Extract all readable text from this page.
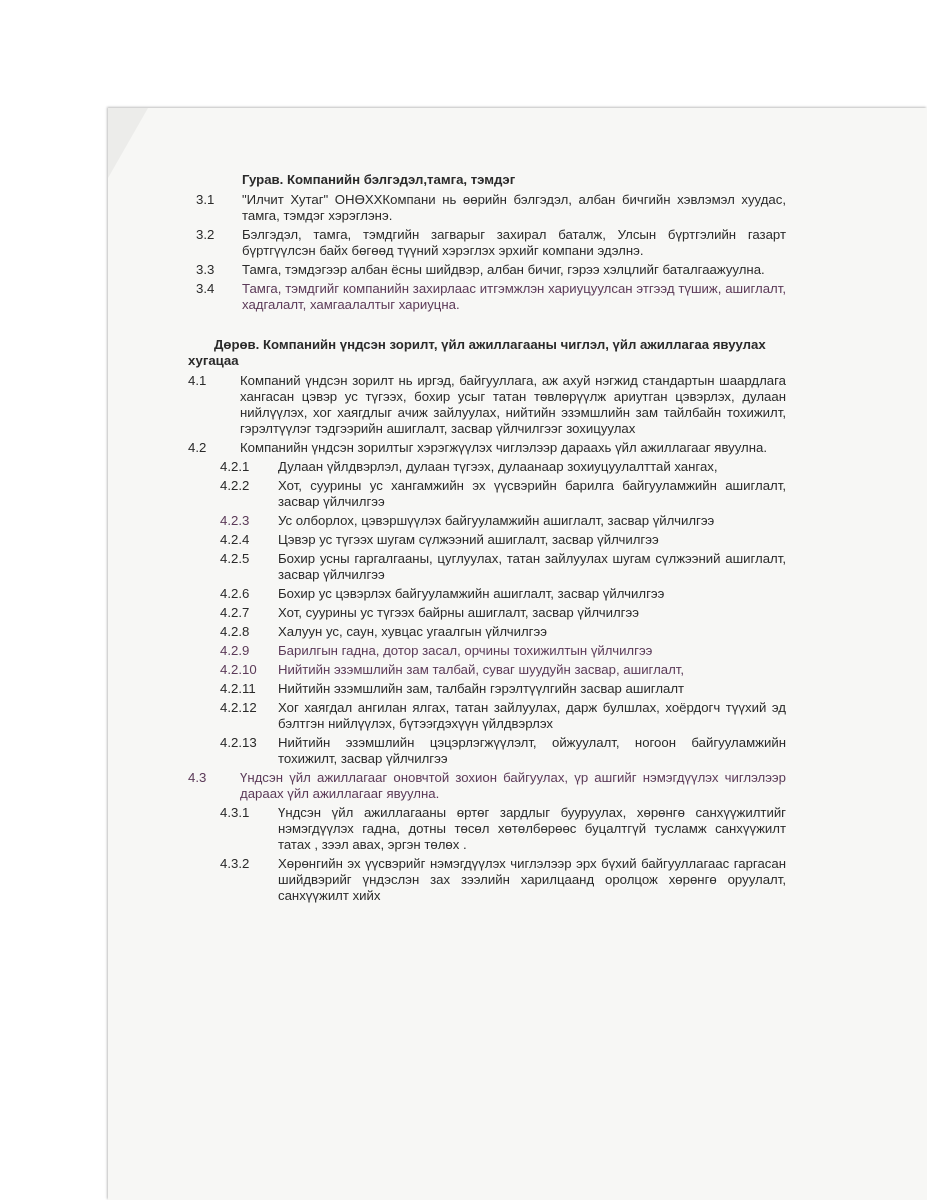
Гурав. Компанийн бэлгэдэл,тамга, тэмдэг

3.1	"Илчит Хутаг" ОНӨХХКомпани нь өөрийн бэлгэдэл, албан бичгийн хэвлэмэл хуудас, тамга, тэмдэг хэрэглэнэ.
3.2	Бэлгэдэл, тамга, тэмдгийн загварыг захирал баталж, Улсын бүртгэлийн газарт бүртгүүлсэн байх бөгөөд түүний хэрэглэх эрхийг компани эдэлнэ.
3.3	Тамга, тэмдэгээр албан ёсны шийдвэр, албан бичиг, гэрээ хэлцлийг баталгаажуулна.
3.4	Тамга, тэмдгийг компанийн захирлаас итгэмжлэн хариуцуулсан этгээд түшиж, ашиглалт, хадгалалт, хамгаалалтыг хариуцна.

Дөрөв. Компанийн үндсэн зорилт, үйл ажиллагааны чиглэл, үйл ажиллагаа явуулах хугацаа

4.1	Компаний үндсэн зорилт нь иргэд, байгууллага, аж ахуй нэгжид стандартын шаардлага хангасан цэвэр ус түгээх, бохир усыг татан төвлөрүүлж ариутган цэвэрлэх, дулаан нийлүүлэх, хог хаягдлыг ачиж зайлуулах, нийтийн эзэмшлийн зам тайлбайн тохижилт, гэрэлтүүлэг тэдгээрийн ашиглалт, засвар үйлчилгээг зохицуулах
4.2	Компанийн үндсэн зорилтыг хэрэгжүүлэх чиглэлээр дараахь үйл ажиллагааг явуулна.
4.2.1	Дулаан үйлдвэрлэл, дулаан түгээх, дулаанаар зохиуцуулалттай хангах,
4.2.2	Хот, суурины ус хангамжийн эх үүсвэрийн барилга байгууламжийн ашиглалт, засвар үйлчилгээ
4.2.3	Ус олборлох, цэвэршүүлэх байгууламжийн ашиглалт, засвар үйлчилгээ
4.2.4	Цэвэр ус түгээх шугам сүлжээний ашиглалт, засвар үйлчилгээ
4.2.5	Бохир усны гаргалгааны, цуглуулах, татан зайлуулах шугам сүлжээний ашиглалт, засвар үйлчилгээ
4.2.6	Бохир ус цэвэрлэх байгууламжийн ашиглалт, засвар үйлчилгээ
4.2.7	Хот, суурины ус түгээх байрны ашиглалт, засвар үйлчилгээ
4.2.8	Халуун ус, саун, хувцас угаалгын үйлчилгээ
4.2.9	Барилгын гадна, дотор засал, орчины тохижилтын үйлчилгээ
4.2.10	Нийтийн эзэмшлийн зам талбай, суваг шуудуйн засвар, ашиглалт,
4.2.11	Нийтийн эзэмшлийн зам, талбайн гэрэлтүүлгийн засвар ашиглалт
4.2.12	Хог хаягдал ангилан ялгах, татан зайлуулах, дарж булшлах, хоёрдогч түүхий эд бэлтгэн нийлүүлэх, бүтээгдэхүүн үйлдвэрлэх
4.2.13	Нийтийн эзэмшлийн цэцэрлэгжүүлэлт, ойжуулалт, ногоон байгууламжийн тохижилт, засвар үйлчилгээ
4.3	Үндсэн үйл ажиллагааг оновчтой зохион байгуулах, үр ашгийг нэмэгдүүлэх чиглэлээр дараах үйл ажиллагааг явуулна.
4.3.1	Үндсэн үйл ажиллагааны өртөг зардлыг бууруулах, хөрөнгө санхүүжилтийг нэмэгдүүлэх гадна, дотны төсөл хөтөлбөрөөс буцалтгүй тусламж санхүүжилт татах , зээл авах, эргэн төлөх .
4.3.2	Хөрөнгийн эх үүсвэрийг нэмэгдүүлэх чиглэлээр эрх бүхий байгууллагаас гаргасан шийдвэрийг үндэслэн зах зээлийн харилцаанд оролцож хөрөнгө оруулалт, санхүүжилт хийх
